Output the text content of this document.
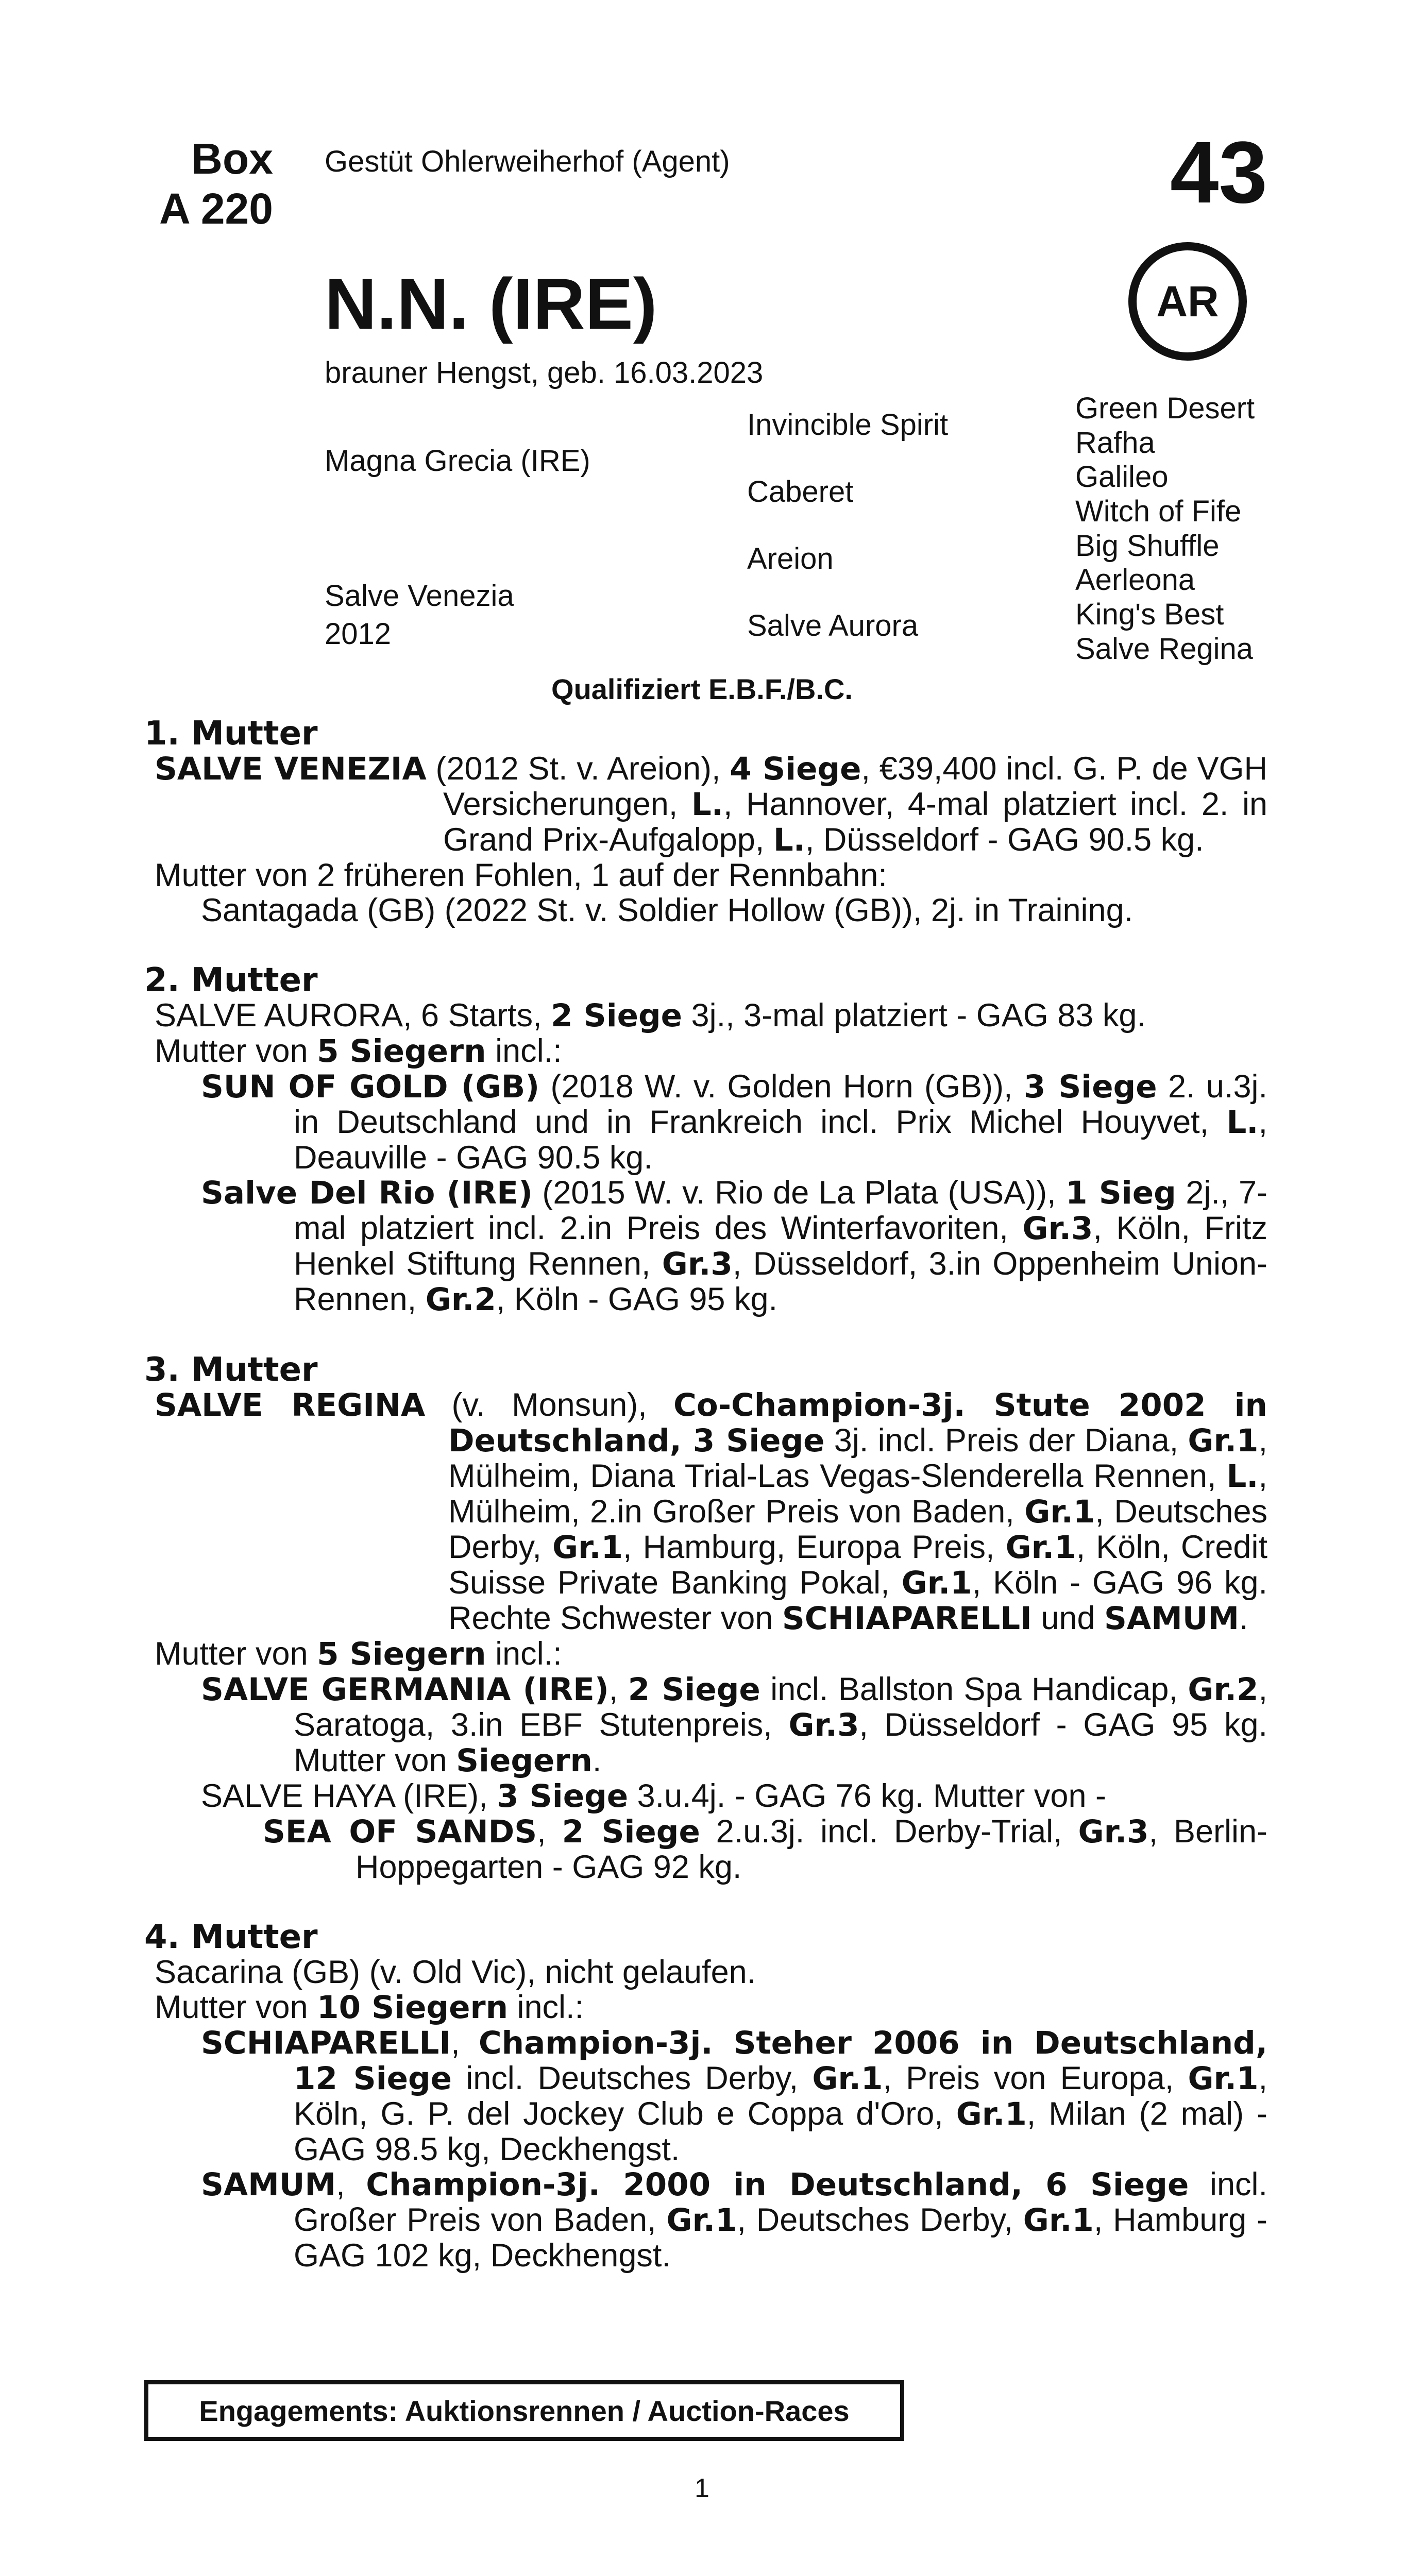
Box
A 220
Gestüt Ohlerweiherhof (Agent)	43
N.N. (IRE)	AR
brauner Hengst, geb. 16.03.2023
Magna Grecia (IRE)
Salve Venezia
2012
Invincible Spirit
Caberet
Areion
Salve Aurora
Green Desert
Rafha
Galileo
Witch of Fife
Big Shuffle
Aerleona
King's Best
Salve Regina
Qualifiziert E.B.F./B.C.
1. Mutter
SALVE VENEZIA (2012 St. v. Areion), 4 Siege, €39,400 incl. G. P. de VGH Versicherungen, L., Hannover, 4-mal platziert incl. 2. in Grand Prix-Aufgalopp, L., Düsseldorf - GAG 90.5 kg.
Mutter von 2 früheren Fohlen, 1 auf der Rennbahn:
Santagada (GB) (2022 St. v. Soldier Hollow (GB)), 2j. in Training.
2. Mutter
SALVE AURORA, 6 Starts, 2 Siege 3j., 3-mal platziert - GAG 83 kg.
Mutter von 5 Siegern incl.:
SUN OF GOLD (GB) (2018 W. v. Golden Horn (GB)), 3 Siege 2. u.3j. in Deutschland und in Frankreich incl. Prix Michel Houyvet, L., Deauville - GAG 90.5 kg.
Salve Del Rio (IRE) (2015 W. v. Rio de La Plata (USA)), 1 Sieg 2j., 7-mal platziert incl. 2.in Preis des Winterfavoriten, Gr.3, Köln, Fritz Henkel Stiftung Rennen, Gr.3, Düsseldorf, 3.in Oppenheim Union-Rennen, Gr.2, Köln - GAG 95 kg.
3. Mutter
SALVE REGINA (v. Monsun), Co-Champion-3j. Stute 2002 in Deutschland, 3 Siege 3j. incl. Preis der Diana, Gr.1, Mülheim, Diana Trial-Las Vegas-Slenderella Rennen, L., Mülheim, 2.in Großer Preis von Baden, Gr.1, Deutsches Derby, Gr.1, Hamburg, Europa Preis, Gr.1, Köln, Credit Suisse Private Banking Pokal, Gr.1, Köln - GAG 96 kg. Rechte Schwester von SCHIAPARELLI und SAMUM.
Mutter von 5 Siegern incl.:
SALVE GERMANIA (IRE), 2 Siege incl. Ballston Spa Handicap, Gr.2, Saratoga, 3.in EBF Stutenpreis, Gr.3, Düsseldorf - GAG 95 kg. Mutter von Siegern.
SALVE HAYA (IRE), 3 Siege 3.u.4j. - GAG 76 kg. Mutter von -
SEA OF SANDS, 2 Siege 2.u.3j. incl. Derby-Trial, Gr.3, Berlin-Hoppegarten - GAG 92 kg.
4. Mutter
Sacarina (GB) (v. Old Vic), nicht gelaufen.
Mutter von 10 Siegern incl.:
SCHIAPARELLI, Champion-3j. Steher 2006 in Deutschland, 12 Siege incl. Deutsches Derby, Gr.1, Preis von Europa, Gr.1, Köln, G. P. del Jockey Club e Coppa d'Oro, Gr.1, Milan (2 mal) - GAG 98.5 kg, Deckhengst.
SAMUM, Champion-3j. 2000 in Deutschland, 6 Siege incl. Großer Preis von Baden, Gr.1, Deutsches Derby, Gr.1, Hamburg - GAG 102 kg, Deckhengst.
Engagements: Auktionsrennen / Auction-Races
1
